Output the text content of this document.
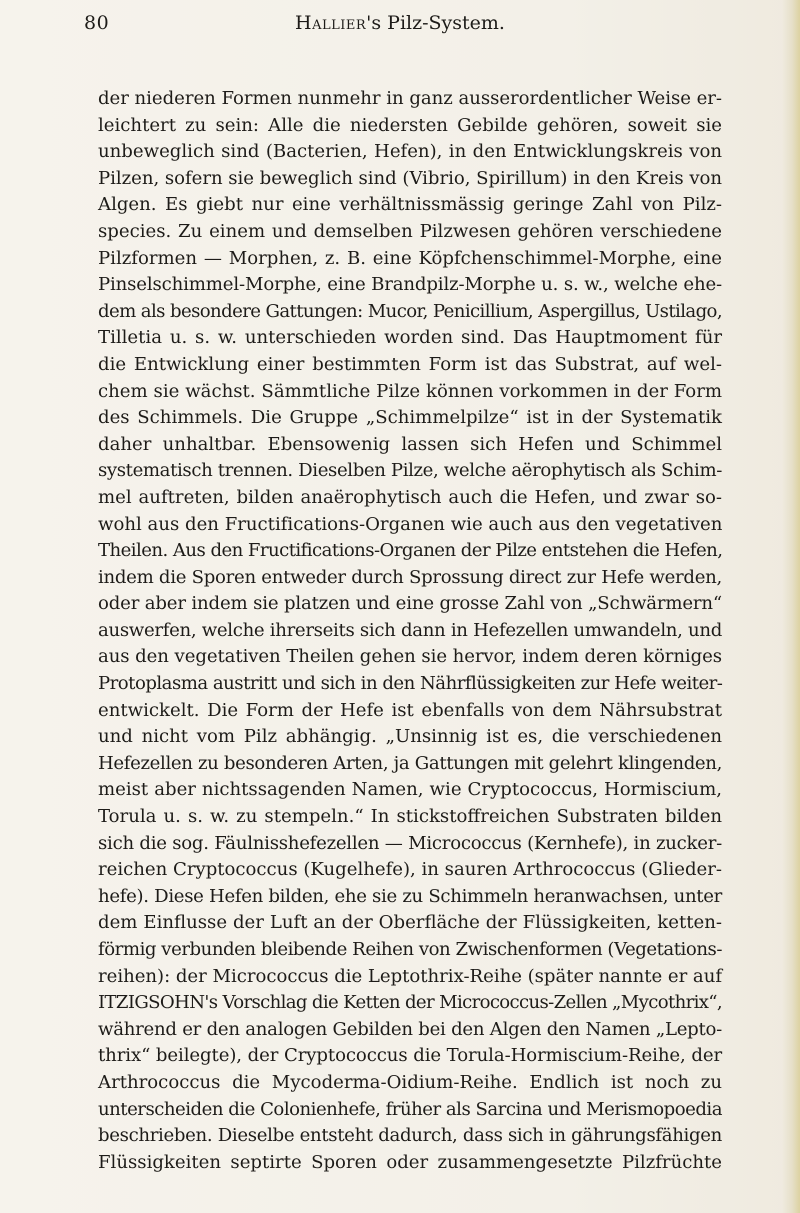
80	Hallier's Pilz-System.
der niederen Formen nunmehr in ganz ausserordentlicher Weise er-
leichtert zu sein: Alle die niedersten Gebilde gehören, soweit sie
unbeweglich sind (Bacterien, Hefen), in den Entwicklungskreis von
Pilzen, sofern sie beweglich sind (Vibrio, Spirillum) in den Kreis von
Algen. Es giebt nur eine verhältnissmässig geringe Zahl von Pilz-
species. Zu einem und demselben Pilzwesen gehören verschiedene
Pilzformen — Morphen, z. B. eine Köpfchenschimmel-Morphe, eine
Pinselschimmel-Morphe, eine Brandpilz-Morphe u. s. w., welche ehe-
dem als besondere Gattungen: Mucor, Penicillium, Aspergillus, Ustilago,
Tilletia u. s. w. unterschieden worden sind. Das Hauptmoment für
die Entwicklung einer bestimmten Form ist das Substrat, auf wel-
chem sie wächst. Sämmtliche Pilze können vorkommen in der Form
des Schimmels. Die Gruppe „Schimmelpilze“ ist in der Systematik
daher unhaltbar. Ebensowenig lassen sich Hefen und Schimmel
systematisch trennen. Dieselben Pilze, welche aërophytisch als Schim-
mel auftreten, bilden anaërophytisch auch die Hefen, und zwar so-
wohl aus den Fructifications-Organen wie auch aus den vegetativen
Theilen. Aus den Fructifications-Organen der Pilze entstehen die Hefen,
indem die Sporen entweder durch Sprossung direct zur Hefe werden,
oder aber indem sie platzen und eine grosse Zahl von „Schwärmern“
auswerfen, welche ihrerseits sich dann in Hefezellen umwandeln, und
aus den vegetativen Theilen gehen sie hervor, indem deren körniges
Protoplasma austritt und sich in den Nährflüssigkeiten zur Hefe weiter-
entwickelt. Die Form der Hefe ist ebenfalls von dem Nährsubstrat
und nicht vom Pilz abhängig. „Unsinnig ist es, die verschiedenen
Hefezellen zu besonderen Arten, ja Gattungen mit gelehrt klingenden,
meist aber nichtssagenden Namen, wie Cryptococcus, Hormiscium,
Torula u. s. w. zu stempeln.“ In stickstoffreichen Substraten bilden
sich die sog. Fäulnisshefezellen — Micrococcus (Kernhefe), in zucker-
reichen Cryptococcus (Kugelhefe), in sauren Arthrococcus (Glieder-
hefe). Diese Hefen bilden, ehe sie zu Schimmeln heranwachsen, unter
dem Einflusse der Luft an der Oberfläche der Flüssigkeiten, ketten-
förmig verbunden bleibende Reihen von Zwischenformen (Vegetations-
reihen): der Micrococcus die Leptothrix-Reihe (später nannte er auf
ITZIGSOHN's Vorschlag die Ketten der Micrococcus-Zellen „Mycothrix“,
während er den analogen Gebilden bei den Algen den Namen „Lepto-
thrix“ beilegte), der Cryptococcus die Torula-Hormiscium-Reihe, der
Arthrococcus die Mycoderma-Oidium-Reihe. Endlich ist noch zu
unterscheiden die Colonienhefe, früher als Sarcina und Merismopoedia
beschrieben. Dieselbe entsteht dadurch, dass sich in gährungsfähigen
Flüssigkeiten septirte Sporen oder zusammengesetzte Pilzfrüchte
